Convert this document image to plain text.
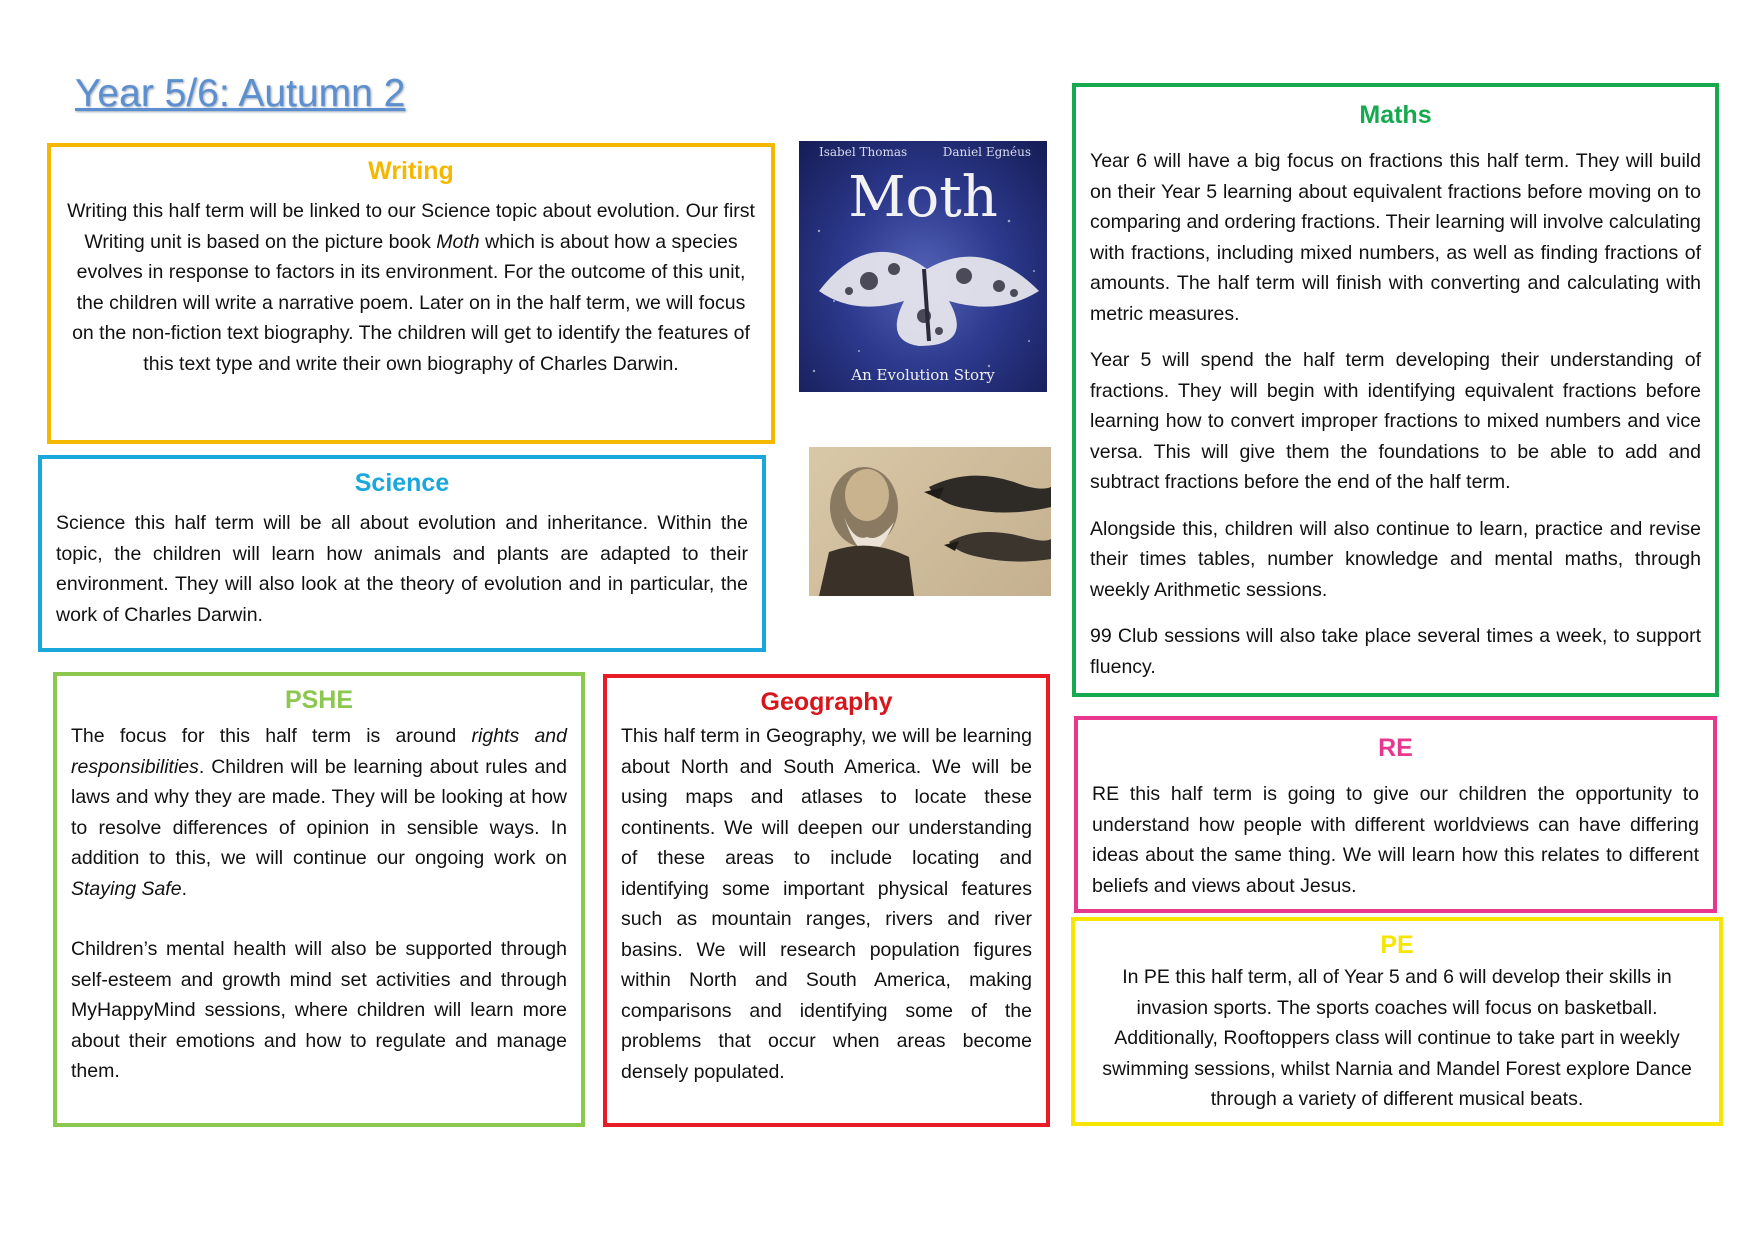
Year 5/6: Autumn 2
Writing

Writing this half term will be linked to our Science topic about evolution. Our first Writing unit is based on the picture book Moth which is about how a species evolves in response to factors in its environment. For the outcome of this unit, the children will write a narrative poem. Later on in the half term, we will focus on the non-fiction text biography. The children will get to identify the features of this text type and write their own biography of Charles Darwin.

Isabel Thomas	Daniel Egnéus
Moth
An Evolution Story
Science

Science this half term will be all about evolution and inheritance. Within the topic, the children will learn how animals and plants are adapted to their environment. They will also look at the theory of evolution and in particular, the work of Charles Darwin.

PSHE

The focus for this half term is around rights and responsibilities. Children will be learning about rules and laws and why they are made. They will be looking at how to resolve differences of opinion in sensible ways. In addition to this, we will continue our ongoing work on Staying Safe.

Children’s mental health will also be supported through self-esteem and growth mind set activities and through MyHappyMind sessions, where children will learn more about their emotions and how to regulate and manage them.

Geography

This half term in Geography, we will be learning about North and South America. We will be using maps and atlases to locate these continents. We will deepen our understanding of these areas to include locating and identifying some important physical features such as mountain ranges, rivers and river basins. We will research population figures within North and South America, making comparisons and identifying some of the problems that occur when areas become densely populated.

Maths

Year 6 will have a big focus on fractions this half term. They will build on their Year 5 learning about equivalent fractions before moving on to comparing and ordering fractions. Their learning will involve calculating with fractions, including mixed numbers, as well as finding fractions of amounts. The half term will finish with converting and calculating with metric measures.

Year 5 will spend the half term developing their understanding of fractions. They will begin with identifying equivalent fractions before learning how to convert improper fractions to mixed numbers and vice versa. This will give them the foundations to be able to add and subtract fractions before the end of the half term.

Alongside this, children will also continue to learn, practice and revise their times tables, number knowledge and mental maths, through weekly Arithmetic sessions.

99 Club sessions will also take place several times a week, to support fluency.

RE

RE this half term is going to give our children the opportunity to understand how people with different worldviews can have differing ideas about the same thing. We will learn how this relates to different beliefs and views about Jesus.

PE

In PE this half term, all of Year 5 and 6 will develop their skills in invasion sports. The sports coaches will focus on basketball. Additionally, Rooftoppers class will continue to take part in weekly swimming sessions, whilst Narnia and Mandel Forest explore Dance through a variety of different musical beats.
